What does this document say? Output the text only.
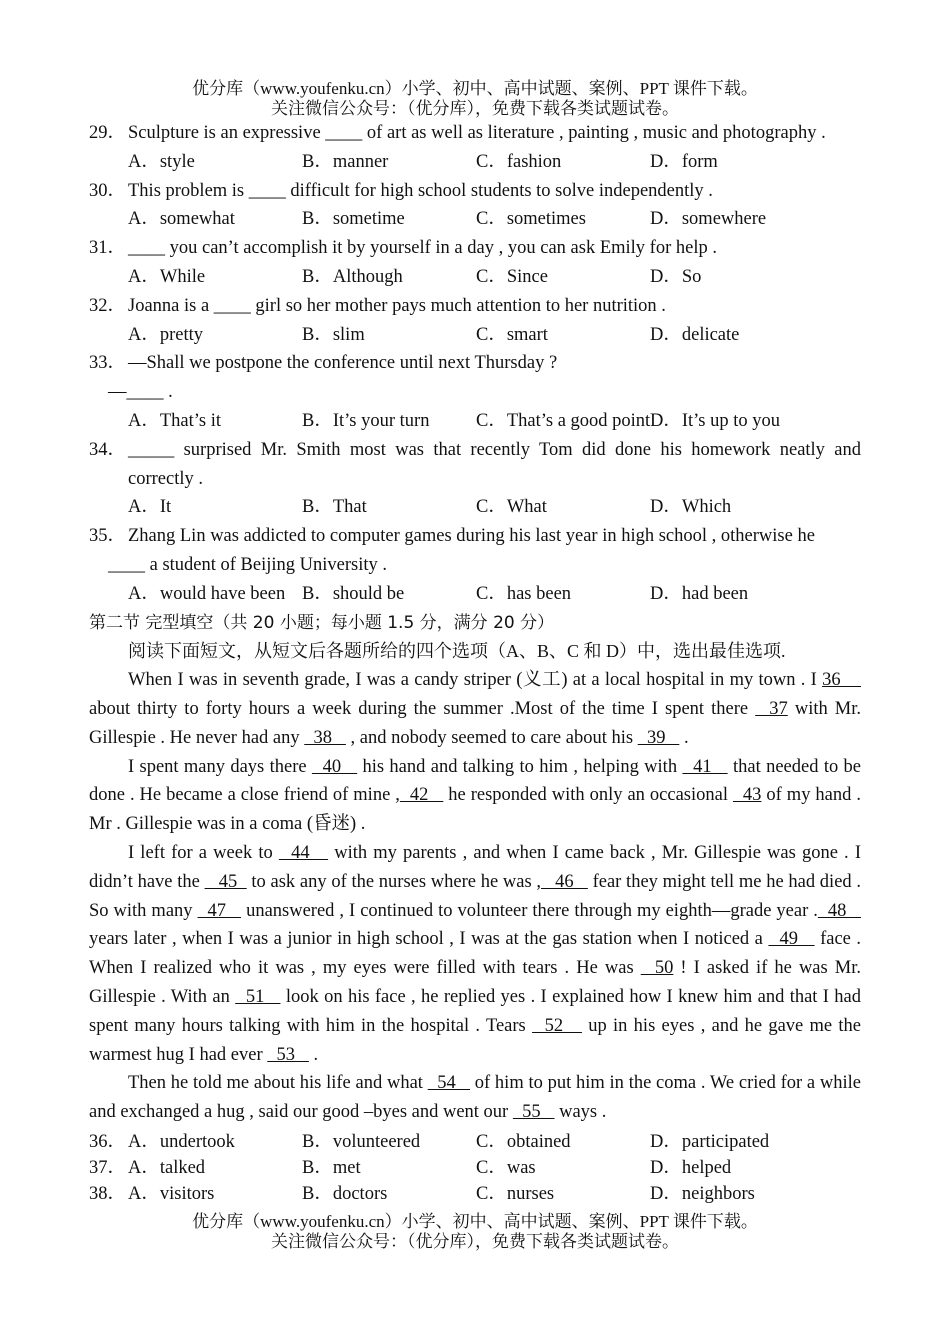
优分库（www.youfenku.cn）小学、初中、高中试题、案例、PPT 课件下载。
关注微信公众号：（优分库），免费下载各类试题试卷。
29． Sculpture is an expressive ____ of art as well as literature , painting , music and photography .
A．style	B．manner	C．fashion	D．form
30． This problem is ____ difficult for high school students to solve independently .
A．somewhat	B．sometime	C．sometimes	D．somewhere
31． ____ you can’t accomplish it by yourself in a day , you can ask Emily for help .
A．While	B．Although	C．Since	D．So
32． Joanna is a ____ girl so her mother pays much attention to her nutrition .
A．pretty	B．slim	C．smart	D．delicate
33． —Shall we postpone the conference until next Thursday ?
—____ .
A．That’s it	B．It’s your turn	C．That’s a good point D．It’s up to you
34． _____ surprised Mr. Smith most was that recently Tom did done his homework neatly and correctly .
A．It	B．That	C．What	D．Which
35． Zhang Lin was addicted to computer games during his last year in high school , otherwise he
____ a student of Beijing University .
A．would have been B．should be	C．has been	D．had been
第二节 完型填空（共 20 小题；每小题 1.5 分，满分 20 分）
阅读下面短文，从短文后各题所给的四个选项（A、B、C 和 D）中，选出最佳选项.
When I was in seventh grade, I was a candy striper (义工) at a local hospital in my town . I 36     about thirty to forty hours a week during the summer .Most of the time I spent there   37 with Mr. Gillespie . He never had any   38    , and nobody seemed to care about his   39    .
I spent many days there   40    his hand and talking to him , helping with   41    that needed to be done . He became a close friend of mine ,  42    he responded with only an occasional   43 of my hand . Mr . Gillespie was in a coma (昏迷) .
I left for a week to   44    with my parents , and when I came back , Mr. Gillespie was gone . I didn’t have the    45   to ask any of the nurses where he was ,   46    fear they might tell me he had died . So with many   47    unanswered , I continued to volunteer there through my eighth—grade year .  48    years later , when I was a junior in high school , I was at the gas station when I noticed a   49    face . When I realized who it was , my eyes were filled with tears . He was   50 ! I asked if he was Mr. Gillespie . With an   51    look on his face , he replied yes . I explained how I knew him and that I had spent many hours talking with him in the hospital . Tears   52    up in his eyes , and he gave me the warmest hug I had ever   53    .
Then he told me about his life and what   54    of him to put him in the coma . We cried for a while and exchanged a hug , said our good –byes and went our   55    ways .
36． A．undertook	B．volunteered	C．obtained	D．participated
37． A．talked	B．met	C．was	D．helped
38． A．visitors	B．doctors	C．nurses	D．neighbors
优分库（www.youfenku.cn）小学、初中、高中试题、案例、PPT 课件下载。
关注微信公众号：（优分库），免费下载各类试题试卷。
